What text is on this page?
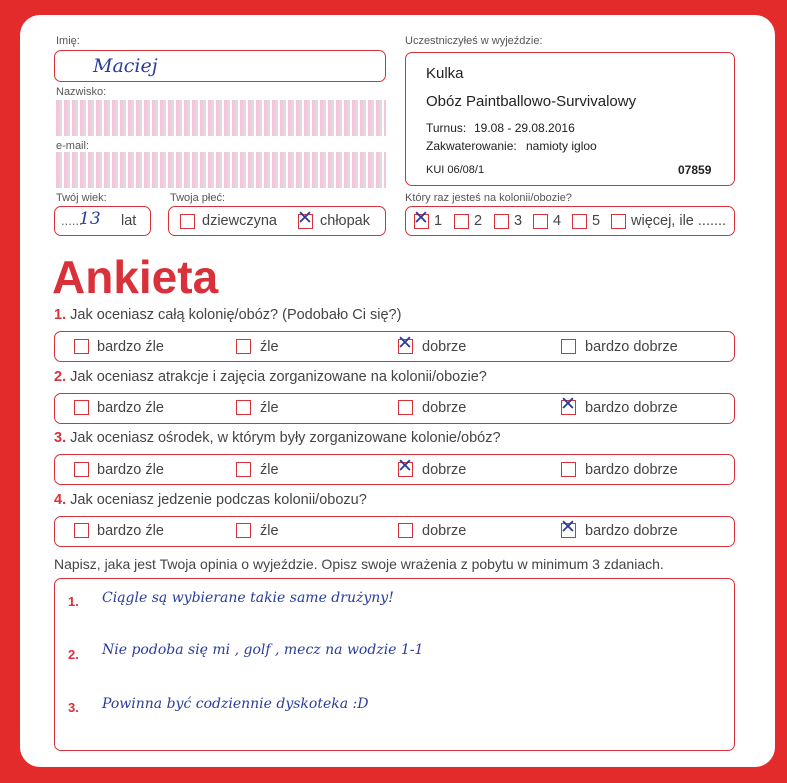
Imię:
Maciej
Nazwisko:
e-mail:
Twój wiek:
......
13 lat
Twoja płeć:
dziewczyna ✕ chłopak
Uczestniczyłeś w wyjeździe:
Kulka
Obóz Paintballowo-Survivalowy
Turnus: 19.08 - 29.08.2016
Zakwaterowanie: namioty igloo
KUI 06/08/1	07859
Który raz jesteś na kolonii/obozie?
✕ 1 2 3 4 5 więcej, ile .......
Ankieta
1. Jak oceniasz całą kolonię/obóz? (Podobało Ci się?)
bardzo źle	źle	✕ dobrze	bardzo dobrze
2. Jak oceniasz atrakcje i zajęcia zorganizowane na kolonii/obozie?
bardzo źle	źle	dobrze	✕ bardzo dobrze
3. Jak oceniasz ośrodek, w którym były zorganizowane kolonie/obóz?
bardzo źle	źle	✕ dobrze	bardzo dobrze
4. Jak oceniasz jedzenie podczas kolonii/obozu?
bardzo źle	źle	dobrze	✕ bardzo dobrze
Napisz, jaka jest Twoja opinia o wyjeździe. Opisz swoje wrażenia z pobytu w minimum 3 zdaniach.
1. Ciągle są wybierane takie same drużyny!
2. Nie podoba się mi , golf , mecz na wodzie 1-1
3. Powinna być codziennie dyskoteka :D
